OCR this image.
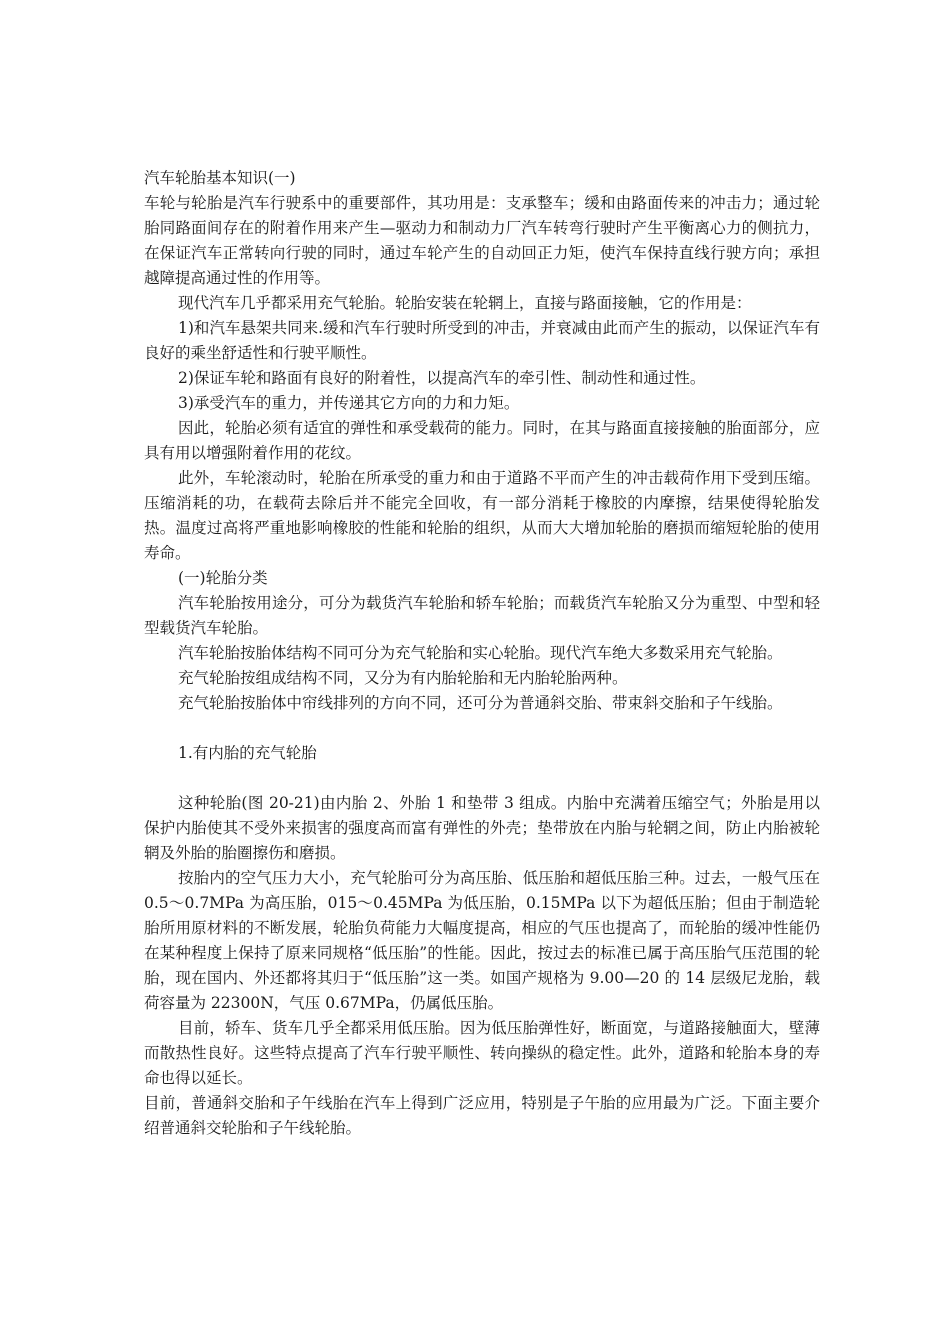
汽车轮胎基本知识(一)

车轮与轮胎是汽车行驶系中的重要部件，其功用是：支承整车；缓和由路面传来的冲击力；通过轮胎同路面间存在的附着作用来产生—驱动力和制动力厂汽车转弯行驶时产生平衡离心力的侧抗力，在保证汽车正常转向行驶的同时，通过车轮产生的自动回正力矩，使汽车保持直线行驶方向；承担越障提高通过性的作用等。

现代汽车几乎都采用充气轮胎。轮胎安装在轮辋上，直接与路面接触，它的作用是：

1)和汽车悬架共同来.缓和汽车行驶时所受到的冲击，并衰减由此而产生的振动，以保证汽车有良好的乘坐舒适性和行驶平顺性。

2)保证车轮和路面有良好的附着性，以提高汽车的牵引性、制动性和通过性。

3)承受汽车的重力，并传递其它方向的力和力矩。

因此，轮胎必须有适宜的弹性和承受载荷的能力。同时，在其与路面直接接触的胎面部分，应具有用以增强附着作用的花纹。

此外，车轮滚动时，轮胎在所承受的重力和由于道路不平而产生的冲击载荷作用下受到压缩。压缩消耗的功，在载荷去除后并不能完全回收，有一部分消耗于橡胶的内摩擦，结果使得轮胎发热。温度过高将严重地影响橡胶的性能和轮胎的组织，从而大大增加轮胎的磨损而缩短轮胎的使用寿命。

(一)轮胎分类

汽车轮胎按用途分，可分为载货汽车轮胎和轿车轮胎；而载货汽车轮胎又分为重型、中型和轻型载货汽车轮胎。

汽车轮胎按胎体结构不同可分为充气轮胎和实心轮胎。现代汽车绝大多数采用充气轮胎。

充气轮胎按组成结构不同，又分为有内胎轮胎和无内胎轮胎两种。

充气轮胎按胎体中帘线排列的方向不同，还可分为普通斜交胎、带束斜交胎和子午线胎。

1.有内胎的充气轮胎

这种轮胎(图 20-21)由内胎 2、外胎 1 和垫带 3 组成。内胎中充满着压缩空气；外胎是用以保护内胎使其不受外来损害的强度高而富有弹性的外壳；垫带放在内胎与轮辋之间，防止内胎被轮辋及外胎的胎圈擦伤和磨损。

按胎内的空气压力大小，充气轮胎可分为高压胎、低压胎和超低压胎三种。过去，一般气压在 0.5～0.7MPa 为高压胎，015～0.45MPa 为低压胎，0.15MPa 以下为超低压胎；但由于制造轮胎所用原材料的不断发展，轮胎负荷能力大幅度提高，相应的气压也提高了，而轮胎的缓冲性能仍在某种程度上保持了原来同规格“低压胎”的性能。因此，按过去的标准已属于高压胎气压范围的轮胎，现在国内、外还都将其归于“低压胎”这一类。如国产规格为 9.00—20 的 14 层级尼龙胎，载荷容量为 22300N，气压 0.67MPa，仍属低压胎。

目前，轿车、货车几乎全都采用低压胎。因为低压胎弹性好，断面宽，与道路接触面大，壁薄而散热性良好。这些特点提高了汽车行驶平顺性、转向操纵的稳定性。此外，道路和轮胎本身的寿命也得以延长。

目前，普通斜交胎和子午线胎在汽车上得到广泛应用，特别是子午胎的应用最为广泛。下面主要介绍普通斜交轮胎和子午线轮胎。
